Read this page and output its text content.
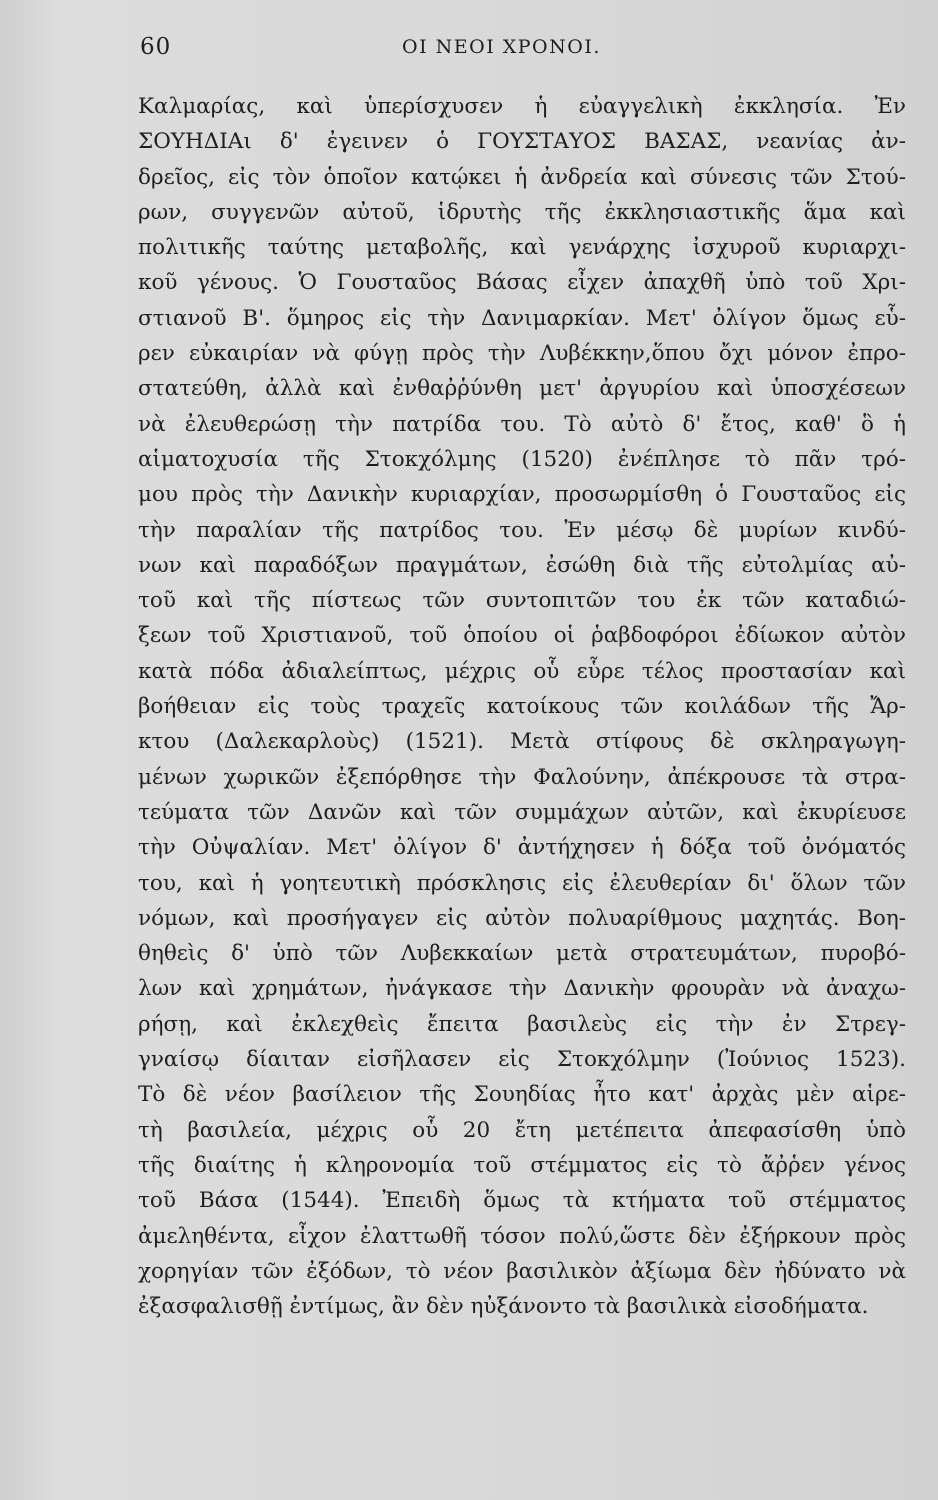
60	ΟΙ ΝΕΟΙ ΧΡΟΝΟΙ.
Καλμαρίας, καὶ ὑπερίσχυσεν ἡ εὐαγγελικὴ ἐκκλησία. Ἐν
ΣΟΥΗΔΙΑι δ' ἐγεινεν ὁ ΓΟΥΣΤΑΥΟΣ ΒΑΣΑΣ, νεανίας ἀν-
δρεῖος, εἰς τὸν ὁποῖον κατῴκει ἡ ἀνδρεία καὶ σύνεσις τῶν Στού-
ρων, συγγενῶν αὐτοῦ, ἱδρυτὴς τῆς ἐκκλησιαστικῆς ἅμα καὶ
πολιτικῆς ταύτης μεταβολῆς, καὶ γενάρχης ἰσχυροῦ κυριαρχι-
κοῦ γένους. Ὁ Γουσταῦος Βάσας εἶχεν ἀπαχθῆ ὑπὸ τοῦ Χρι-
στιανοῦ Β'. ὅμηρος εἰς τὴν Δανιμαρκίαν. Μετ' ὀλίγον ὅμως εὗ-
ρεν εὐκαιρίαν νὰ φύγῃ πρὸς τὴν Λυβέκκην,ὅπου ὄχι μόνον ἐπρο-
στατεύθη, ἀλλὰ καὶ ἐνθαῤῥύνθη μετ' ἀργυρίου καὶ ὑποσχέσεων
νὰ ἐλευθερώσῃ τὴν πατρίδα του. Τὸ αὐτὸ δ' ἔτος, καθ' ὃ ἡ
αἱματοχυσία τῆς Στοκχόλμης (1520) ἐνέπλησε τὸ πᾶν τρό-
μου πρὸς τὴν Δανικὴν κυριαρχίαν, προσωρμίσθη ὁ Γουσταῦος εἰς
τὴν παραλίαν τῆς πατρίδος του. Ἐν μέσῳ δὲ μυρίων κινδύ-
νων καὶ παραδόξων πραγμάτων, ἐσώθη διὰ τῆς εὐτολμίας αὐ-
τοῦ καὶ τῆς πίστεως τῶν συντοπιτῶν του ἐκ τῶν καταδιώ-
ξεων τοῦ Χριστιανοῦ, τοῦ ὁποίου οἱ ῥαβδοφόροι ἐδίωκον αὐτὸν
κατὰ πόδα ἀδιαλείπτως, μέχρις οὗ εὗρε τέλος προστασίαν καὶ
βοήθειαν εἰς τοὺς τραχεῖς κατοίκους τῶν κοιλάδων τῆς Ἄρ-
κτου (Δαλεκαρλοὺς) (1521). Μετὰ στίφους δὲ σκληραγωγη-
μένων χωρικῶν ἐξεπόρθησε τὴν Φαλούνην, ἀπέκρουσε τὰ στρα-
τεύματα τῶν Δανῶν καὶ τῶν συμμάχων αὐτῶν, καὶ ἐκυρίευσε
τὴν Οὐψαλίαν. Μετ' ὀλίγον δ' ἀντήχησεν ἡ δόξα τοῦ ὀνόματός
του, καὶ ἡ γοητευτικὴ πρόσκλησις εἰς ἐλευθερίαν δι' ὅλων τῶν
νόμων, καὶ προσήγαγεν εἰς αὐτὸν πολυαρίθμους μαχητάς. Βοη-
θηθεὶς δ' ὑπὸ τῶν Λυβεκκαίων μετὰ στρατευμάτων, πυροβό-
λων καὶ χρημάτων, ἠνάγκασε τὴν Δανικὴν φρουρὰν νὰ ἀναχω-
ρήσῃ, καὶ ἐκλεχθεὶς ἔπειτα βασιλεὺς εἰς τὴν ἐν Στρεγ-
γναίσῳ δίαιταν εἰσῆλασεν εἰς Στοκχόλμην (Ἰούνιος 1523).
Τὸ δὲ νέον βασίλειον τῆς Σουηδίας ἦτο κατ' ἀρχὰς μὲν αἱρε-
τὴ βασιλεία, μέχρις οὗ 20 ἔτη μετέπειτα ἀπεφασίσθη ὑπὸ
τῆς διαίτης ἡ κληρονομία τοῦ στέμματος εἰς τὸ ἄῤῥεν γένος
τοῦ Βάσα (1544). Ἐπειδὴ ὅμως τὰ κτήματα τοῦ στέμματος
ἀμεληθέντα, εἶχον ἐλαττωθῆ τόσον πολύ,ὥστε δὲν ἐξήρκουν πρὸς
χορηγίαν τῶν ἐξόδων, τὸ νέον βασιλικὸν ἀξίωμα δὲν ἠδύνατο νὰ
ἐξασφαλισθῇ ἐντίμως, ἂν δὲν ηὐξάνοντο τὰ βασιλικὰ εἰσοδήματα.
